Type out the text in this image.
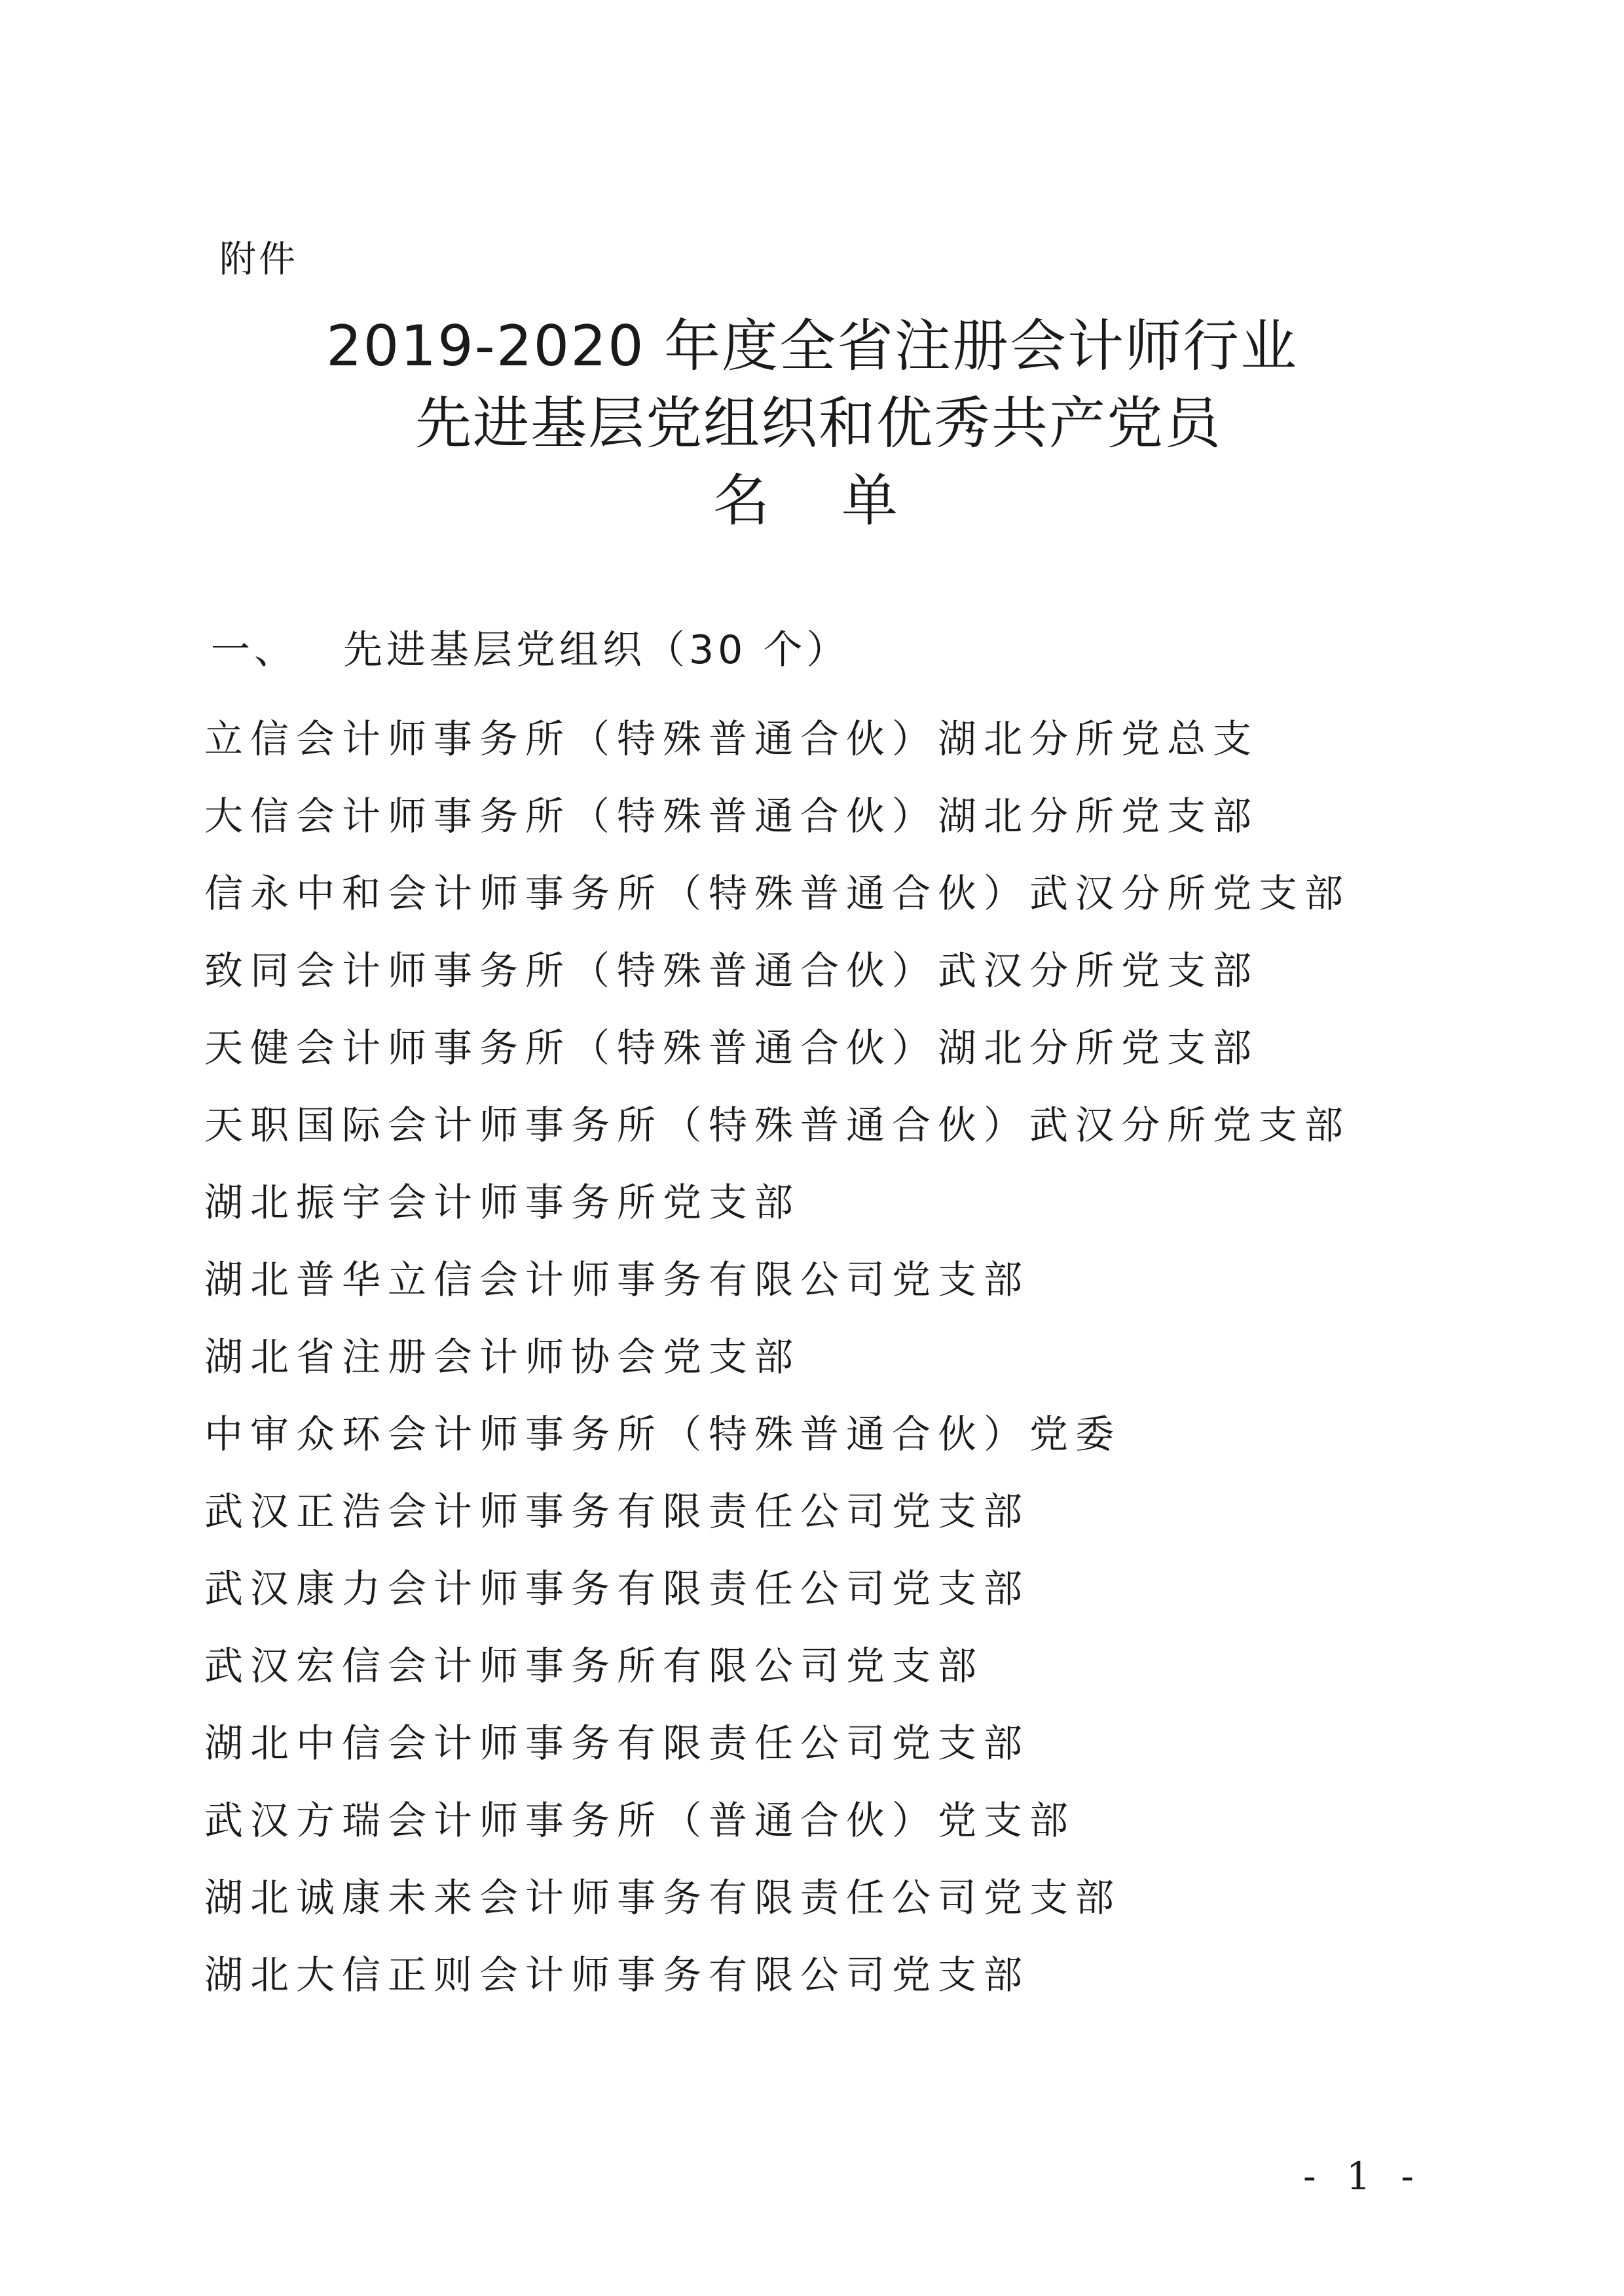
附件
2019-2020 年度全省注册会计师行业
先进基层党组织和优秀共产党员
名单
一、 先进基层党组织（30 个）
立信会计师事务所（特殊普通合伙）湖北分所党总支
大信会计师事务所（特殊普通合伙）湖北分所党支部
信永中和会计师事务所（特殊普通合伙）武汉分所党支部
致同会计师事务所（特殊普通合伙）武汉分所党支部
天健会计师事务所（特殊普通合伙）湖北分所党支部
天职国际会计师事务所（特殊普通合伙）武汉分所党支部
湖北振宇会计师事务所党支部
湖北普华立信会计师事务有限公司党支部
湖北省注册会计师协会党支部
中审众环会计师事务所（特殊普通合伙）党委
武汉正浩会计师事务有限责任公司党支部
武汉康力会计师事务有限责任公司党支部
武汉宏信会计师事务所有限公司党支部
湖北中信会计师事务有限责任公司党支部
武汉方瑞会计师事务所（普通合伙）党支部
湖北诚康未来会计师事务有限责任公司党支部
湖北大信正则会计师事务有限公司党支部
- 1 -
